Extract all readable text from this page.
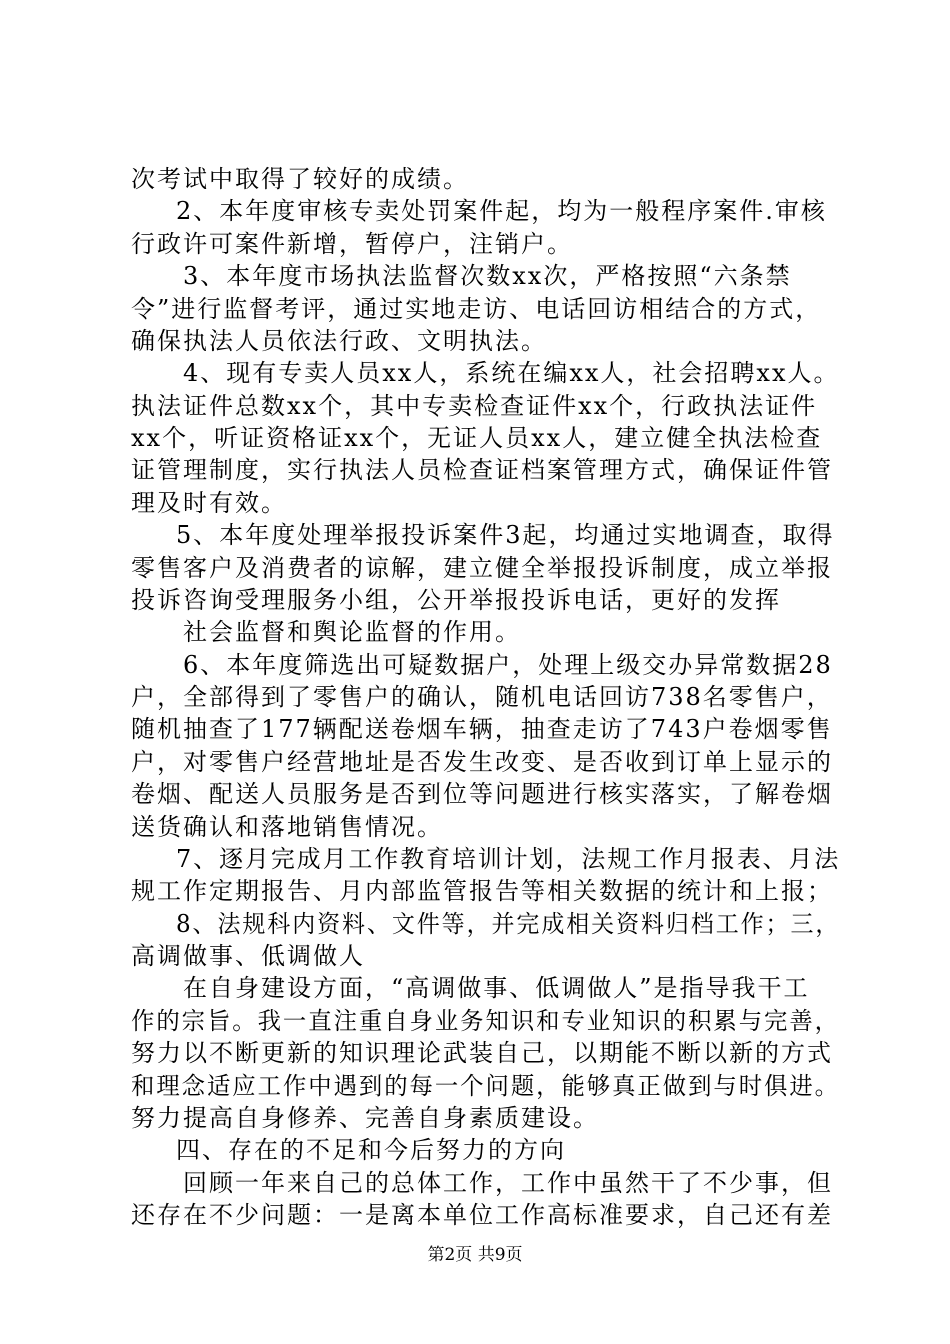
次考试中取得了较好的成绩。
2、本年度审核专卖处罚案件起，均为一般程序案件.审核
行政许可案件新增，暂停户，注销户。
3、本年度市场执法监督次数xx次，严格按照“六条禁
令”进行监督考评，通过实地走访、电话回访相结合的方式，
确保执法人员依法行政、文明执法。
4、现有专卖人员xx人，系统在编xx人，社会招聘xx人。
执法证件总数xx个，其中专卖检查证件xx个，行政执法证件
xx个，听证资格证xx个，无证人员xx人，建立健全执法检查
证管理制度，实行执法人员检查证档案管理方式，确保证件管
理及时有效。
5、本年度处理举报投诉案件3起，均通过实地调查，取得
零售客户及消费者的谅解，建立健全举报投诉制度，成立举报
投诉咨询受理服务小组，公开举报投诉电话，更好的发挥
社会监督和舆论监督的作用。
6、本年度筛选出可疑数据户，处理上级交办异常数据28
户，全部得到了零售户的确认，随机电话回访738名零售户，
随机抽查了177辆配送卷烟车辆，抽查走访了743户卷烟零售
户，对零售户经营地址是否发生改变、是否收到订单上显示的
卷烟、配送人员服务是否到位等问题进行核实落实，了解卷烟
送货确认和落地销售情况。
7、逐月完成月工作教育培训计划，法规工作月报表、月法
规工作定期报告、月内部监管报告等相关数据的统计和上报；
8、法规科内资料、文件等，并完成相关资料归档工作；三，
高调做事、低调做人
在自身建设方面，“高调做事、低调做人”是指导我干工
作的宗旨。我一直注重自身业务知识和专业知识的积累与完善，
努力以不断更新的知识理论武装自己，以期能不断以新的方式
和理念适应工作中遇到的每一个问题，能够真正做到与时俱进。
努力提高自身修养、完善自身素质建设。
四、存在的不足和今后努力的方向
回顾一年来自己的总体工作，工作中虽然干了不少事，但
还存在不少问题：一是离本单位工作高标准要求，自己还有差
第2页 共9页
